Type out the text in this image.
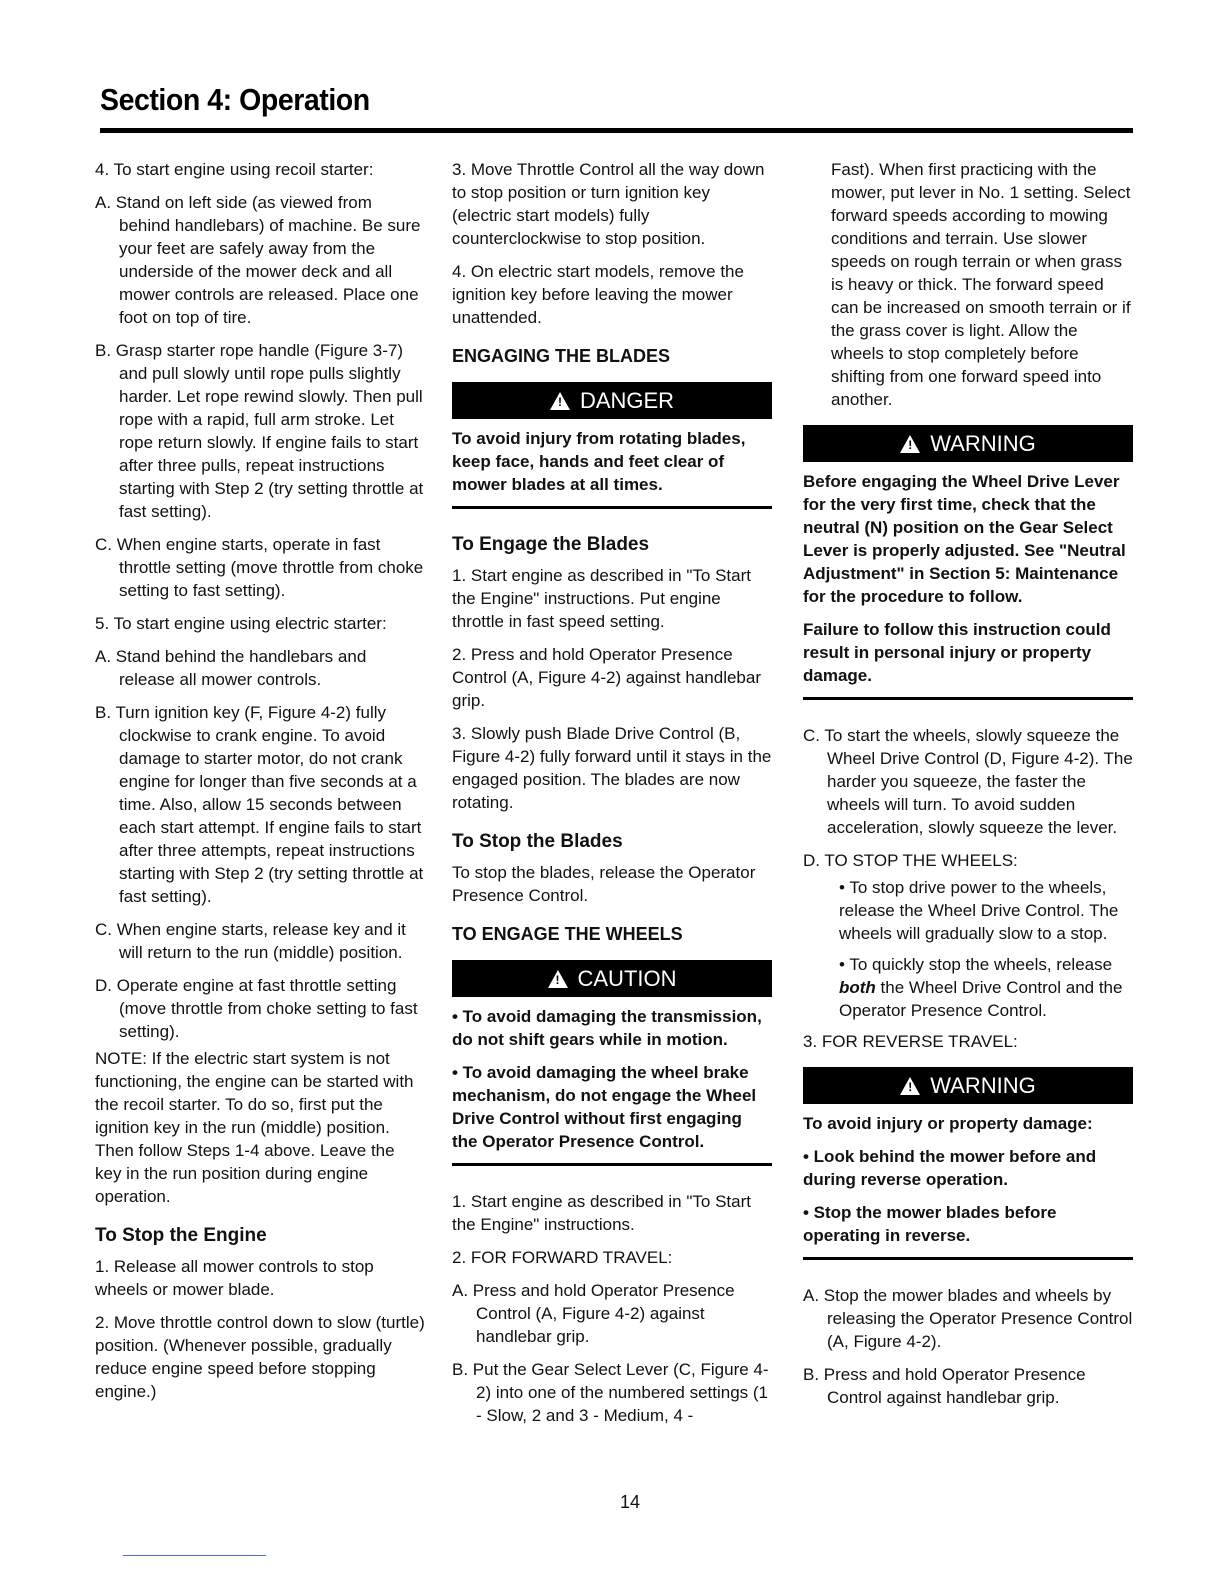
Section 4: Operation

4. To start engine using recoil starter:

A. Stand on left side (as viewed from behind handlebars) of machine. Be sure your feet are safely away from the underside of the mower deck and all mower controls are released. Place one foot on top of tire.

B. Grasp starter rope handle (Figure 3-7) and pull slowly until rope pulls slightly harder. Let rope rewind slowly. Then pull rope with a rapid, full arm stroke. Let rope return slowly. If engine fails to start after three pulls, repeat instructions starting with Step 2 (try setting throttle at fast setting).

C. When engine starts, operate in fast throttle setting (move throttle from choke setting to fast setting).

5. To start engine using electric starter:

A. Stand behind the handlebars and release all mower controls.

B. Turn ignition key (F, Figure 4-2) fully clockwise to crank engine. To avoid damage to starter motor, do not crank engine for longer than five seconds at a time. Also, allow 15 seconds between each start attempt. If engine fails to start after three attempts, repeat instructions starting with Step 2 (try setting throttle at fast setting).

C. When engine starts, release key and it will return to the run (middle) position.

D. Operate engine at fast throttle setting (move throttle from choke setting to fast setting).

NOTE: If the electric start system is not functioning, the engine can be started with the recoil starter. To do so, first put the ignition key in the run (middle) position. Then follow Steps 1-4 above. Leave the key in the run position during engine operation.

To Stop the Engine

1. Release all mower controls to stop wheels or mower blade.

2. Move throttle control down to slow (turtle) position. (Whenever possible, gradually reduce engine speed before stopping engine.)

3. Move Throttle Control all the way down to stop position or turn ignition key (electric start models) fully counterclockwise to stop position.

4. On electric start models, remove the ignition key before leaving the mower unattended.

ENGAGING THE BLADES
!DANGER

To avoid injury from rotating blades, keep face, hands and feet clear of mower blades at all times.

To Engage the Blades

1. Start engine as described in "To Start the Engine" instructions. Put engine throttle in fast speed setting.

2. Press and hold Operator Presence Control (A, Figure 4-2) against handlebar grip.

3. Slowly push Blade Drive Control (B, Figure 4-2) fully forward until it stays in the engaged position. The blades are now rotating.

To Stop the Blades

To stop the blades, release the Operator Presence Control.

TO ENGAGE THE WHEELS
!CAUTION

• To avoid damaging the transmission, do not shift gears while in motion.

• To avoid damaging the wheel brake mechanism, do not engage the Wheel Drive Control without first engaging the Operator Presence Control.

1. Start engine as described in "To Start the Engine" instructions.

2. FOR FORWARD TRAVEL:

A. Press and hold Operator Presence Control (A, Figure 4-2) against handlebar grip.

B. Put the Gear Select Lever (C, Figure 4-2) into one of the numbered settings (1 - Slow, 2 and 3 - Medium, 4 -

Fast). When first practicing with the mower, put lever in No. 1 setting. Select forward speeds according to mowing conditions and terrain. Use slower speeds on rough terrain or when grass is heavy or thick. The forward speed can be increased on smooth terrain or if the grass cover is light. Allow the wheels to stop completely before shifting from one forward speed into another.

!WARNING

Before engaging the Wheel Drive Lever for the very first time, check that the neutral (N) position on the Gear Select Lever is properly adjusted. See "Neutral Adjustment" in Section 5: Maintenance for the procedure to follow.

Failure to follow this instruction could result in personal injury or property damage.

C. To start the wheels, slowly squeeze the Wheel Drive Control (D, Figure 4-2). The harder you squeeze, the faster the wheels will turn. To avoid sudden acceleration, slowly squeeze the lever.

D. TO STOP THE WHEELS:

• To stop drive power to the wheels, release the Wheel Drive Control. The wheels will gradually slow to a stop.

• To quickly stop the wheels, release both the Wheel Drive Control and the Operator Presence Control.

3. FOR REVERSE TRAVEL:

!WARNING

To avoid injury or property damage:

• Look behind the mower before and during reverse operation.

• Stop the mower blades before operating in reverse.

A. Stop the mower blades and wheels by releasing the Operator Presence Control (A, Figure 4-2).

B. Press and hold Operator Presence Control against handlebar grip.

14
